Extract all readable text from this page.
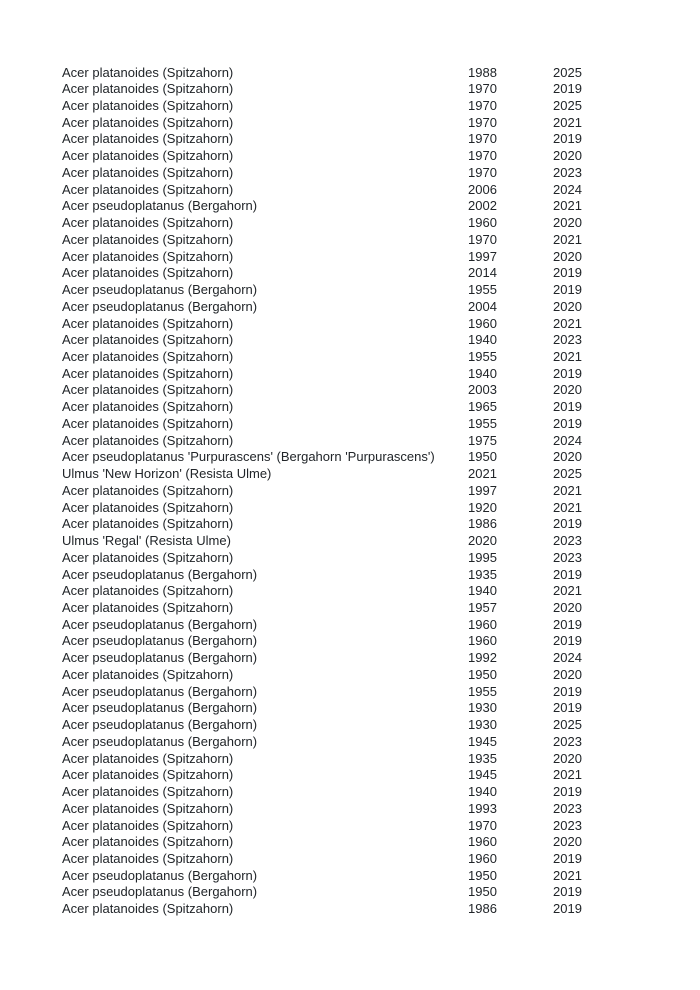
Acer platanoides (Spitzahorn)	1988	2025
Acer platanoides (Spitzahorn)	1970	2019
Acer platanoides (Spitzahorn)	1970	2025
Acer platanoides (Spitzahorn)	1970	2021
Acer platanoides (Spitzahorn)	1970	2019
Acer platanoides (Spitzahorn)	1970	2020
Acer platanoides (Spitzahorn)	1970	2023
Acer platanoides (Spitzahorn)	2006	2024
Acer pseudoplatanus (Bergahorn)	2002	2021
Acer platanoides (Spitzahorn)	1960	2020
Acer platanoides (Spitzahorn)	1970	2021
Acer platanoides (Spitzahorn)	1997	2020
Acer platanoides (Spitzahorn)	2014	2019
Acer pseudoplatanus (Bergahorn)	1955	2019
Acer pseudoplatanus (Bergahorn)	2004	2020
Acer platanoides (Spitzahorn)	1960	2021
Acer platanoides (Spitzahorn)	1940	2023
Acer platanoides (Spitzahorn)	1955	2021
Acer platanoides (Spitzahorn)	1940	2019
Acer platanoides (Spitzahorn)	2003	2020
Acer platanoides (Spitzahorn)	1965	2019
Acer platanoides (Spitzahorn)	1955	2019
Acer platanoides (Spitzahorn)	1975	2024
Acer pseudoplatanus 'Purpurascens' (Bergahorn 'Purpurascens')	1950	2020
Ulmus 'New Horizon' (Resista Ulme)	2021	2025
Acer platanoides (Spitzahorn)	1997	2021
Acer platanoides (Spitzahorn)	1920	2021
Acer platanoides (Spitzahorn)	1986	2019
Ulmus 'Regal' (Resista Ulme)	2020	2023
Acer platanoides (Spitzahorn)	1995	2023
Acer pseudoplatanus (Bergahorn)	1935	2019
Acer platanoides (Spitzahorn)	1940	2021
Acer platanoides (Spitzahorn)	1957	2020
Acer pseudoplatanus (Bergahorn)	1960	2019
Acer pseudoplatanus (Bergahorn)	1960	2019
Acer pseudoplatanus (Bergahorn)	1992	2024
Acer platanoides (Spitzahorn)	1950	2020
Acer pseudoplatanus (Bergahorn)	1955	2019
Acer pseudoplatanus (Bergahorn)	1930	2019
Acer pseudoplatanus (Bergahorn)	1930	2025
Acer pseudoplatanus (Bergahorn)	1945	2023
Acer platanoides (Spitzahorn)	1935	2020
Acer platanoides (Spitzahorn)	1945	2021
Acer platanoides (Spitzahorn)	1940	2019
Acer platanoides (Spitzahorn)	1993	2023
Acer platanoides (Spitzahorn)	1970	2023
Acer platanoides (Spitzahorn)	1960	2020
Acer platanoides (Spitzahorn)	1960	2019
Acer pseudoplatanus (Bergahorn)	1950	2021
Acer pseudoplatanus (Bergahorn)	1950	2019
Acer platanoides (Spitzahorn)	1986	2019
